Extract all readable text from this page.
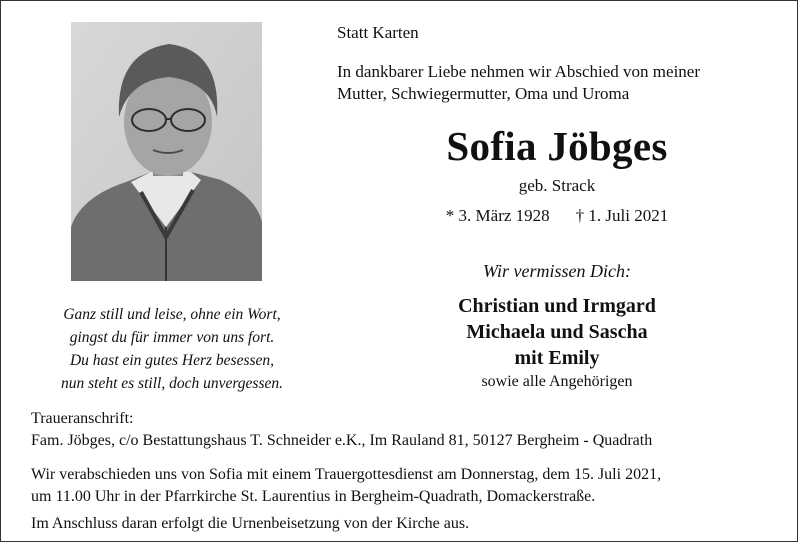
Statt Karten
In dankbarer Liebe nehmen wir Abschied von meiner
Mutter, Schwiegermutter, Oma und Uroma
Sofia Jöbges
geb. Strack
* 3. März 1928 † 1. Juli 2021
Wir vermissen Dich:
Christian und Irmgard
Michaela und Sascha
mit Emily
sowie alle Angehörigen
Ganz still und leise, ohne ein Wort,
gingst du für immer von uns fort.
Du hast ein gutes Herz besessen,
nun steht es still, doch unvergessen.
Traueranschrift:
Fam. Jöbges, c/o Bestattungshaus T. Schneider e.K., Im Rauland 81, 50127 Bergheim - Quadrath
Wir verabschieden uns von Sofia mit einem Trauergottesdienst am Donnerstag, dem 15. Juli 2021,
um 11.00 Uhr in der Pfarrkirche St. Laurentius in Bergheim-Quadrath, Domackerstraße.
Im Anschluss daran erfolgt die Urnenbeisetzung von der Kirche aus.
